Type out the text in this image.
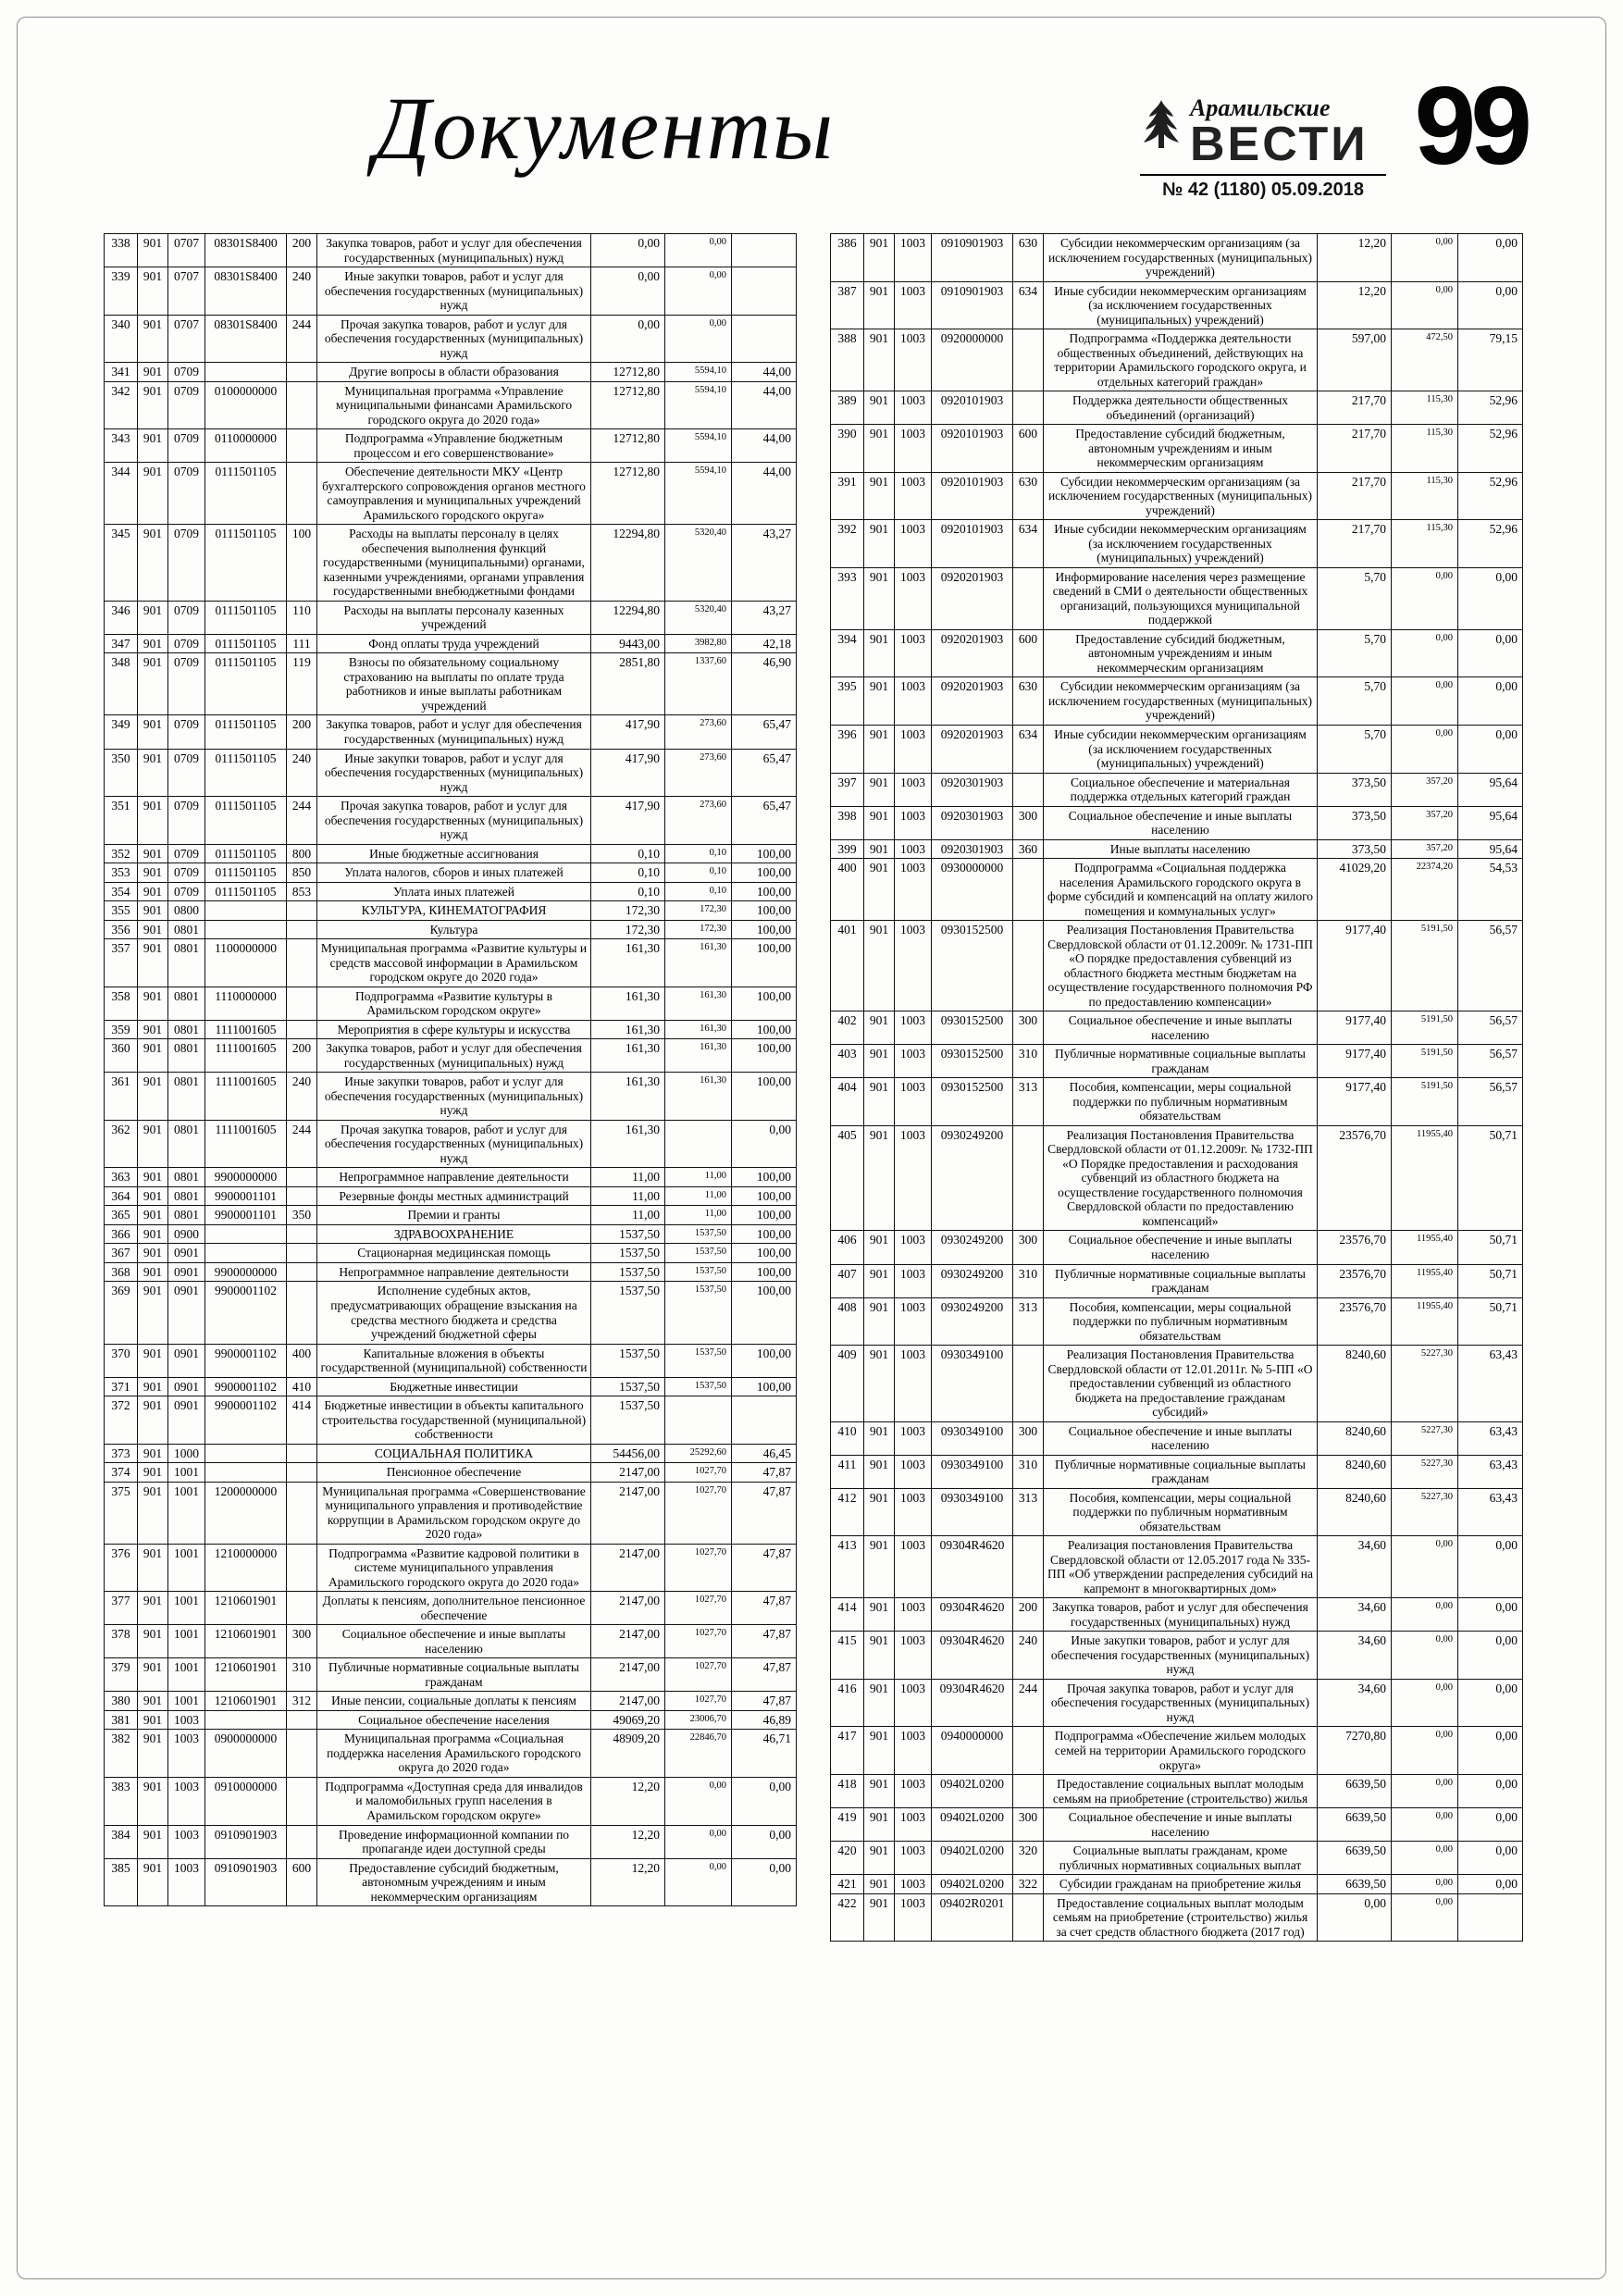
Документы	Арамильские
ВЕСТИ
№ 42 (1180) 05.09.2018
99
338	901	0707	08301S8400	200	Закупка товаров, работ и услуг для обеспечения государственных (муниципальных) нужд	0,00	0,00	
339	901	0707	08301S8400	240	Иные закупки товаров, работ и услуг для обеспечения государственных (муниципальных) нужд	0,00	0,00	
340	901	0707	08301S8400	244	Прочая закупка товаров, работ и услуг для обеспечения государственных (муниципальных) нужд	0,00	0,00	
341	901	0709			Другие вопросы в области образования	12712,80	5594,10	44,00
342	901	0709	0100000000		Муниципальная программа «Управление муниципальными финансами Арамильского городского округа до 2020 года»	12712,80	5594,10	44,00
343	901	0709	0110000000		Подпрограмма «Управление бюджетным процессом и его совершенствование»	12712,80	5594,10	44,00
344	901	0709	0111501105		Обеспечение деятельности МКУ «Центр бухгалтерского сопровождения органов местного самоуправления и муниципальных учреждений Арамильского городского округа»	12712,80	5594,10	44,00
345	901	0709	0111501105	100	Расходы на выплаты персоналу в целях обеспечения выполнения функций государственными (муниципальными) органами, казенными учреждениями, органами управления государственными внебюджетными фондами	12294,80	5320,40	43,27
346	901	0709	0111501105	110	Расходы на выплаты персоналу казенных учреждений	12294,80	5320,40	43,27
347	901	0709	0111501105	111	Фонд оплаты труда учреждений	9443,00	3982,80	42,18
348	901	0709	0111501105	119	Взносы по обязательному социальному страхованию на выплаты по оплате труда работников и иные выплаты работникам учреждений	2851,80	1337,60	46,90
349	901	0709	0111501105	200	Закупка товаров, работ и услуг для обеспечения государственных (муниципальных) нужд	417,90	273,60	65,47
350	901	0709	0111501105	240	Иные закупки товаров, работ и услуг для обеспечения государственных (муниципальных) нужд	417,90	273,60	65,47
351	901	0709	0111501105	244	Прочая закупка товаров, работ и услуг для обеспечения государственных (муниципальных) нужд	417,90	273,60	65,47
352	901	0709	0111501105	800	Иные бюджетные ассигнования	0,10	0,10	100,00
353	901	0709	0111501105	850	Уплата налогов, сборов и иных платежей	0,10	0,10	100,00
354	901	0709	0111501105	853	Уплата иных платежей	0,10	0,10	100,00
355	901	0800			КУЛЬТУРА, КИНЕМАТОГРАФИЯ	172,30	172,30	100,00
356	901	0801			Культура	172,30	172,30	100,00
357	901	0801	1100000000		Муниципальная программа «Развитие культуры и средств массовой информации в Арамильском городском округе до 2020 года»	161,30	161,30	100,00
358	901	0801	1110000000		Подпрограмма «Развитие культуры в Арамильском городском округе»	161,30	161,30	100,00
359	901	0801	1111001605		Мероприятия в сфере культуры и искусства	161,30	161,30	100,00
360	901	0801	1111001605	200	Закупка товаров, работ и услуг для обеспечения государственных (муниципальных) нужд	161,30	161,30	100,00
361	901	0801	1111001605	240	Иные закупки товаров, работ и услуг для обеспечения государственных (муниципальных) нужд	161,30	161,30	100,00
362	901	0801	1111001605	244	Прочая закупка товаров, работ и услуг для обеспечения государственных (муниципальных) нужд	161,30		0,00
363	901	0801	9900000000		Непрограммное направление деятельности	11,00	11,00	100,00
364	901	0801	9900001101		Резервные фонды местных администраций	11,00	11,00	100,00
365	901	0801	9900001101	350	Премии и гранты	11,00	11,00	100,00
366	901	0900			ЗДРАВООХРАНЕНИЕ	1537,50	1537,50	100,00
367	901	0901			Стационарная медицинская помощь	1537,50	1537,50	100,00
368	901	0901	9900000000		Непрограммное направление деятельности	1537,50	1537,50	100,00
369	901	0901	9900001102		Исполнение судебных актов, предусматривающих обращение взыскания на средства местного бюджета и средства учреждений бюджетной сферы	1537,50	1537,50	100,00
370	901	0901	9900001102	400	Капитальные вложения в объекты государственной (муниципальной) собственности	1537,50	1537,50	100,00
371	901	0901	9900001102	410	Бюджетные инвестиции	1537,50	1537,50	100,00
372	901	0901	9900001102	414	Бюджетные инвестиции в объекты капитального строительства государственной (муниципальной) собственности	1537,50		
373	901	1000			СОЦИАЛЬНАЯ ПОЛИТИКА	54456,00	25292,60	46,45
374	901	1001			Пенсионное обеспечение	2147,00	1027,70	47,87
375	901	1001	1200000000		Муниципальная программа «Совершенствование муниципального управления и противодействие коррупции в Арамильском городском округе до 2020 года»	2147,00	1027,70	47,87
376	901	1001	1210000000		Подпрограмма «Развитие кадровой политики в системе муниципального управления Арамильского городского округа до 2020 года»	2147,00	1027,70	47,87
377	901	1001	1210601901		Доплаты к пенсиям, дополнительное пенсионное обеспечение	2147,00	1027,70	47,87
378	901	1001	1210601901	300	Социальное обеспечение и иные выплаты населению	2147,00	1027,70	47,87
379	901	1001	1210601901	310	Публичные нормативные социальные выплаты гражданам	2147,00	1027,70	47,87
380	901	1001	1210601901	312	Иные пенсии, социальные доплаты к пенсиям	2147,00	1027,70	47,87
381	901	1003			Социальное обеспечение населения	49069,20	23006,70	46,89
382	901	1003	0900000000		Муниципальная программа «Социальная поддержка населения Арамильского городского округа до 2020 года»	48909,20	22846,70	46,71
383	901	1003	0910000000		Подпрограмма «Доступная среда для инвалидов и маломобильных групп населения в Арамильском городском округе»	12,20	0,00	0,00
384	901	1003	0910901903		Проведение информационной компании по пропаганде идеи доступной среды	12,20	0,00	0,00
385	901	1003	0910901903	600	Предоставление субсидий бюджетным, автономным учреждениям и иным некоммерческим организациям	12,20	0,00	0,00
386	901	1003	0910901903	630	Субсидии некоммерческим организациям (за исключением государственных (муниципальных) учреждений)	12,20	0,00	0,00
387	901	1003	0910901903	634	Иные субсидии некоммерческим организациям (за исключением государственных (муниципальных) учреждений)	12,20	0,00	0,00
388	901	1003	0920000000		Подпрограмма «Поддержка деятельности общественных объединений, действующих на территории Арамильского городского округа, и отдельных категорий граждан»	597,00	472,50	79,15
389	901	1003	0920101903		Поддержка деятельности общественных объединений (организаций)	217,70	115,30	52,96
390	901	1003	0920101903	600	Предоставление субсидий бюджетным, автономным учреждениям и иным некоммерческим организациям	217,70	115,30	52,96
391	901	1003	0920101903	630	Субсидии некоммерческим организациям (за исключением государственных (муниципальных) учреждений)	217,70	115,30	52,96
392	901	1003	0920101903	634	Иные субсидии некоммерческим организациям (за исключением государственных (муниципальных) учреждений)	217,70	115,30	52,96
393	901	1003	0920201903		Информирование населения через размещение сведений в СМИ о деятельности общественных организаций, пользующихся муниципальной поддержкой	5,70	0,00	0,00
394	901	1003	0920201903	600	Предоставление субсидий бюджетным, автономным учреждениям и иным некоммерческим организациям	5,70	0,00	0,00
395	901	1003	0920201903	630	Субсидии некоммерческим организациям (за исключением государственных (муниципальных) учреждений)	5,70	0,00	0,00
396	901	1003	0920201903	634	Иные субсидии некоммерческим организациям (за исключением государственных (муниципальных) учреждений)	5,70	0,00	0,00
397	901	1003	0920301903		Социальное обеспечение и материальная поддержка отдельных категорий граждан	373,50	357,20	95,64
398	901	1003	0920301903	300	Социальное обеспечение и иные выплаты населению	373,50	357,20	95,64
399	901	1003	0920301903	360	Иные выплаты населению	373,50	357,20	95,64
400	901	1003	0930000000		Подпрограмма «Социальная поддержка населения Арамильского городского округа в форме субсидий и компенсаций на оплату жилого помещения и коммунальных услуг»	41029,20	22374,20	54,53
401	901	1003	0930152500		Реализация Постановления Правительства Свердловской области от 01.12.2009г. № 1731-ПП «О порядке предоставления субвенций из областного бюджета местным бюджетам на осуществление государственного полномочия РФ по предоставлению компенсации»	9177,40	5191,50	56,57
402	901	1003	0930152500	300	Социальное обеспечение и иные выплаты населению	9177,40	5191,50	56,57
403	901	1003	0930152500	310	Публичные нормативные социальные выплаты гражданам	9177,40	5191,50	56,57
404	901	1003	0930152500	313	Пособия, компенсации, меры социальной поддержки по публичным нормативным обязательствам	9177,40	5191,50	56,57
405	901	1003	0930249200		Реализация Постановления Правительства Свердловской области от 01.12.2009г. № 1732-ПП «О Порядке предоставления и расходования субвенций из областного бюджета на осуществление государственного полномочия Свердловской области по предоставлению компенсаций»	23576,70	11955,40	50,71
406	901	1003	0930249200	300	Социальное обеспечение и иные выплаты населению	23576,70	11955,40	50,71
407	901	1003	0930249200	310	Публичные нормативные социальные выплаты гражданам	23576,70	11955,40	50,71
408	901	1003	0930249200	313	Пособия, компенсации, меры социальной поддержки по публичным нормативным обязательствам	23576,70	11955,40	50,71
409	901	1003	0930349100		Реализация Постановления Правительства Свердловской области от 12.01.2011г. № 5-ПП «О предоставлении субвенций из областного бюджета на предоставление гражданам субсидий»	8240,60	5227,30	63,43
410	901	1003	0930349100	300	Социальное обеспечение и иные выплаты населению	8240,60	5227,30	63,43
411	901	1003	0930349100	310	Публичные нормативные социальные выплаты гражданам	8240,60	5227,30	63,43
412	901	1003	0930349100	313	Пособия, компенсации, меры социальной поддержки по публичным нормативным обязательствам	8240,60	5227,30	63,43
413	901	1003	09304R4620		Реализация постановления Правительства Свердловской области от 12.05.2017 года № 335-ПП «Об утверждении распределения субсидий на капремонт в многоквартирных дом»	34,60	0,00	0,00
414	901	1003	09304R4620	200	Закупка товаров, работ и услуг для обеспечения государственных (муниципальных) нужд	34,60	0,00	0,00
415	901	1003	09304R4620	240	Иные закупки товаров, работ и услуг для обеспечения государственных (муниципальных) нужд	34,60	0,00	0,00
416	901	1003	09304R4620	244	Прочая закупка товаров, работ и услуг для обеспечения государственных (муниципальных) нужд	34,60	0,00	0,00
417	901	1003	0940000000		Подпрограмма «Обеспечение жильем молодых семей на территории Арамильского городского округа»	7270,80	0,00	0,00
418	901	1003	09402L0200		Предоставление социальных выплат молодым семьям на приобретение (строительство) жилья	6639,50	0,00	0,00
419	901	1003	09402L0200	300	Социальное обеспечение и иные выплаты населению	6639,50	0,00	0,00
420	901	1003	09402L0200	320	Социальные выплаты гражданам, кроме публичных нормативных социальных выплат	6639,50	0,00	0,00
421	901	1003	09402L0200	322	Субсидии гражданам на приобретение жилья	6639,50	0,00	0,00
422	901	1003	09402R0201		Предоставление социальных выплат молодым семьям на приобретение (строительство) жилья за счет средств областного бюджета (2017 год)	0,00	0,00	
